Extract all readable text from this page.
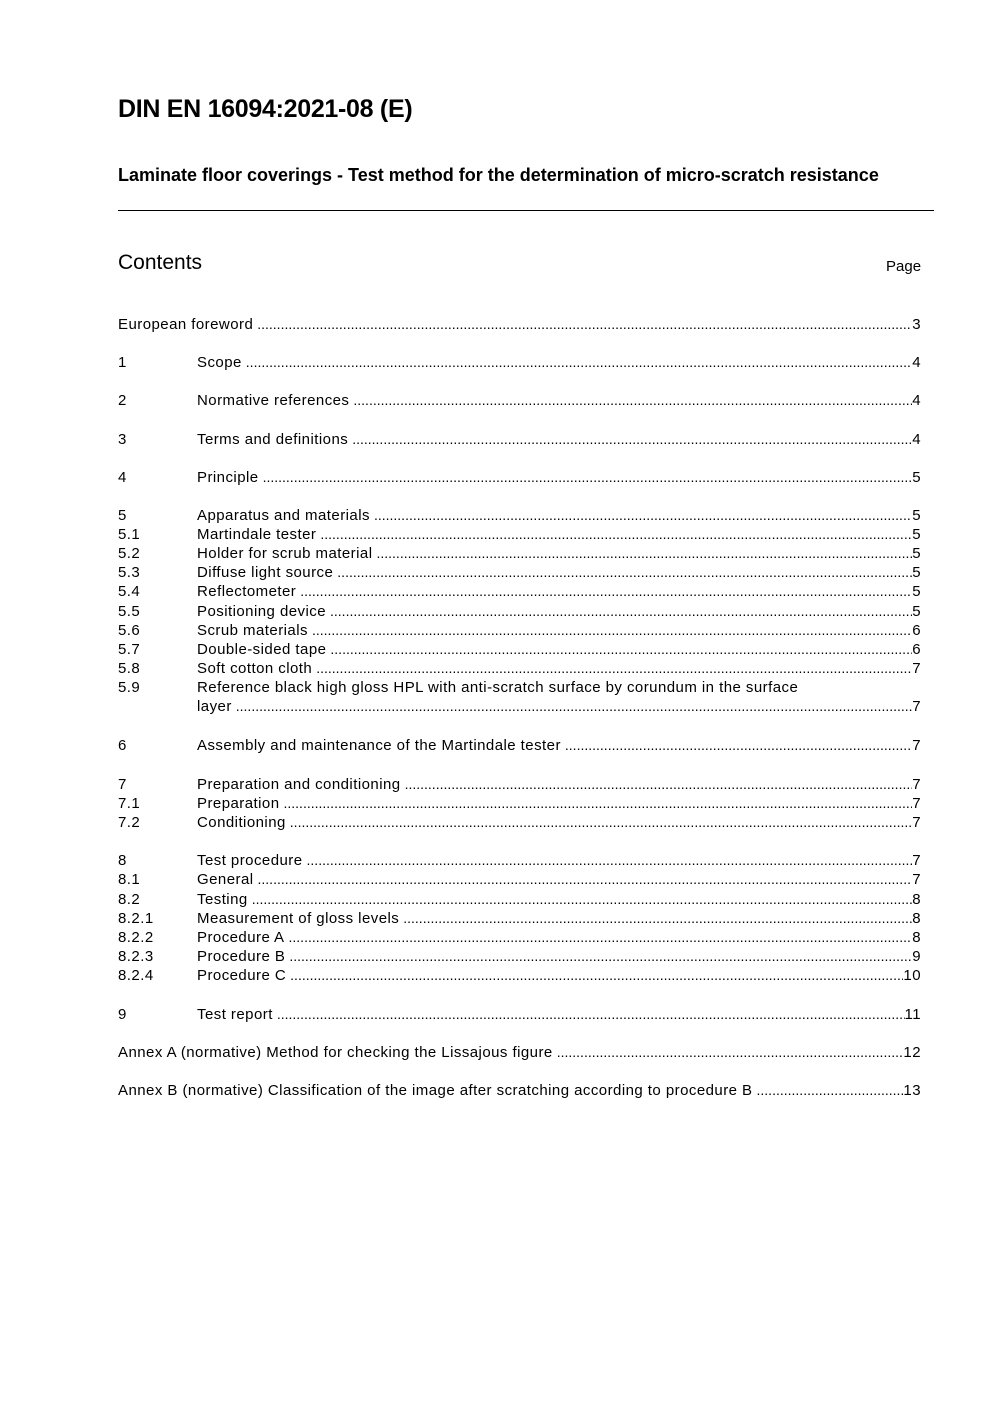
DIN EN 16094:2021-08 (E)
Laminate floor coverings - Test method for the determination of micro-scratch resistance
Contents	Page
European foreword .....	3
1	Scope .....	4
2	Normative references .....	4
3	Terms and definitions .....	4
4	Principle .....	5
5	Apparatus and materials .....	5
5.1	Martindale tester .....	5
5.2	Holder for scrub material .....	5
5.3	Diffuse light source .....	5
5.4	Reflectometer .....	5
5.5	Positioning device .....	5
5.6	Scrub materials .....	6
5.7	Double-sided tape .....	6
5.8	Soft cotton cloth .....	7
5.9	Reference black high gloss HPL with anti-scratch surface by corundum in the surface
layer .....	7
6	Assembly and maintenance of the Martindale tester .....	7
7	Preparation and conditioning .....	7
7.1	Preparation .....	7
7.2	Conditioning .....	7
8	Test procedure .....	7
8.1	General .....	7
8.2	Testing .....	8
8.2.1	Measurement of gloss levels .....	8
8.2.2	Procedure A .....	8
8.2.3	Procedure B .....	9
8.2.4	Procedure C .....	10
9	Test report .....	11
Annex A (normative) Method for checking the Lissajous figure .....	12
Annex B (normative) Classification of the image after scratching according to procedure B .....	13
